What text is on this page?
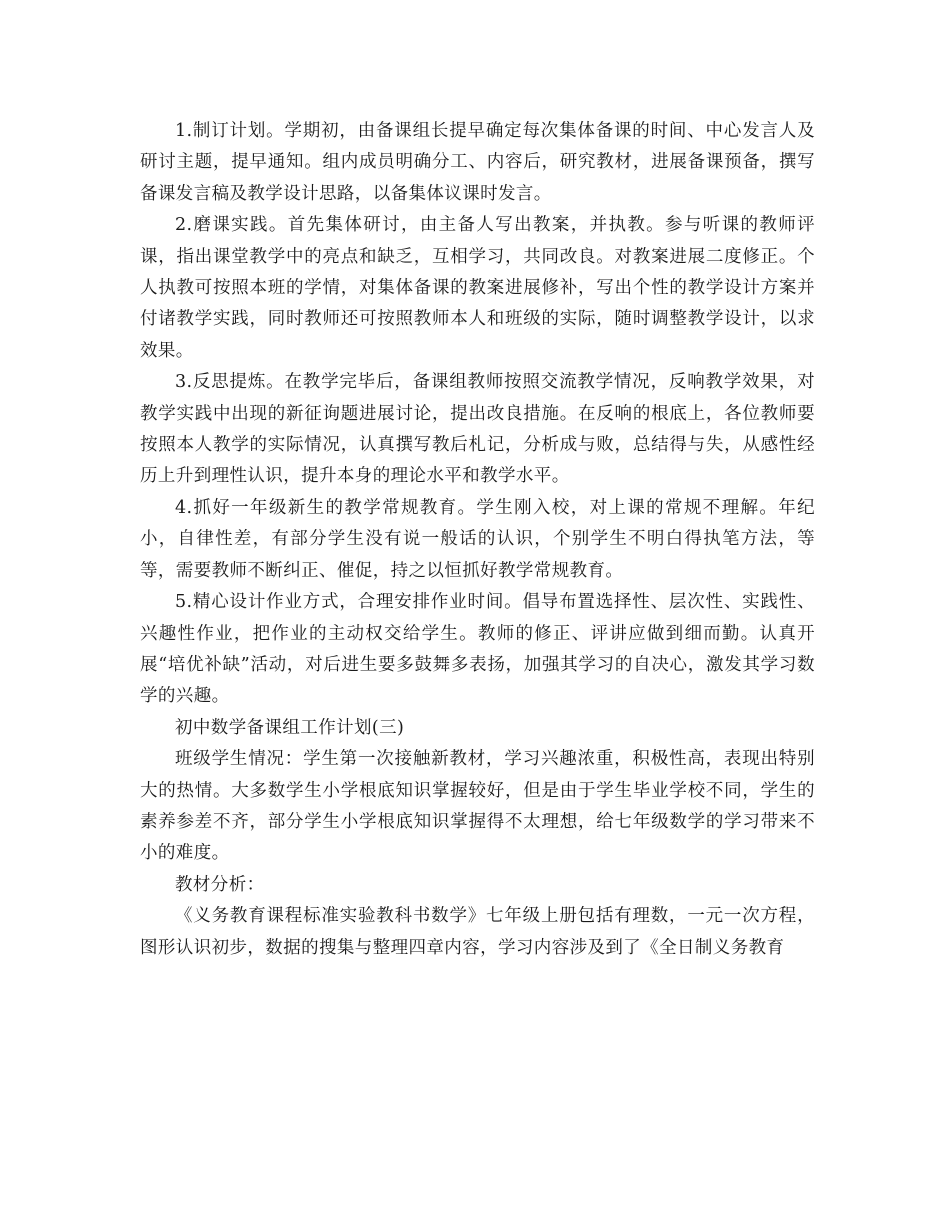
1.制订计划。学期初，由备课组长提早确定每次集体备课的时间、中心发言人及研讨主题，提早通知。组内成员明确分工、内容后，研究教材，进展备课预备，撰写备课发言稿及教学设计思路，以备集体议课时发言。

2.磨课实践。首先集体研讨，由主备人写出教案，并执教。参与听课的教师评课，指出课堂教学中的亮点和缺乏，互相学习，共同改良。对教案进展二度修正。个人执教可按照本班的学情，对集体备课的教案进展修补，写出个性的教学设计方案并付诸教学实践，同时教师还可按照教师本人和班级的实际，随时调整教学设计，以求效果。

3.反思提炼。在教学完毕后，备课组教师按照交流教学情况，反响教学效果，对教学实践中出现的新征询题进展讨论，提出改良措施。在反响的根底上，各位教师要按照本人教学的实际情况，认真撰写教后札记，分析成与败，总结得与失，从感性经历上升到理性认识，提升本身的理论水平和教学水平。

4.抓好一年级新生的教学常规教育。学生刚入校，对上课的常规不理解。年纪小，自律性差，有部分学生没有说一般话的认识，个别学生不明白得执笔方法，等等，需要教师不断纠正、催促，持之以恒抓好教学常规教育。

5.精心设计作业方式，合理安排作业时间。倡导布置选择性、层次性、实践性、兴趣性作业，把作业的主动权交给学生。教师的修正、评讲应做到细而勤。认真开展“培优补缺”活动，对后进生要多鼓舞多表扬，加强其学习的自决心，激发其学习数学的兴趣。

初中数学备课组工作计划(三)

班级学生情况：学生第一次接触新教材，学习兴趣浓重，积极性高，表现出特别大的热情。大多数学生小学根底知识掌握较好，但是由于学生毕业学校不同，学生的素养参差不齐，部分学生小学根底知识掌握得不太理想，给七年级数学的学习带来不小的难度。

教材分析：

《义务教育课程标准实验教科书数学》七年级上册包括有理数，一元一次方程，图形认识初步，数据的搜集与整理四章内容，学习内容涉及到了《全日制义务教育
